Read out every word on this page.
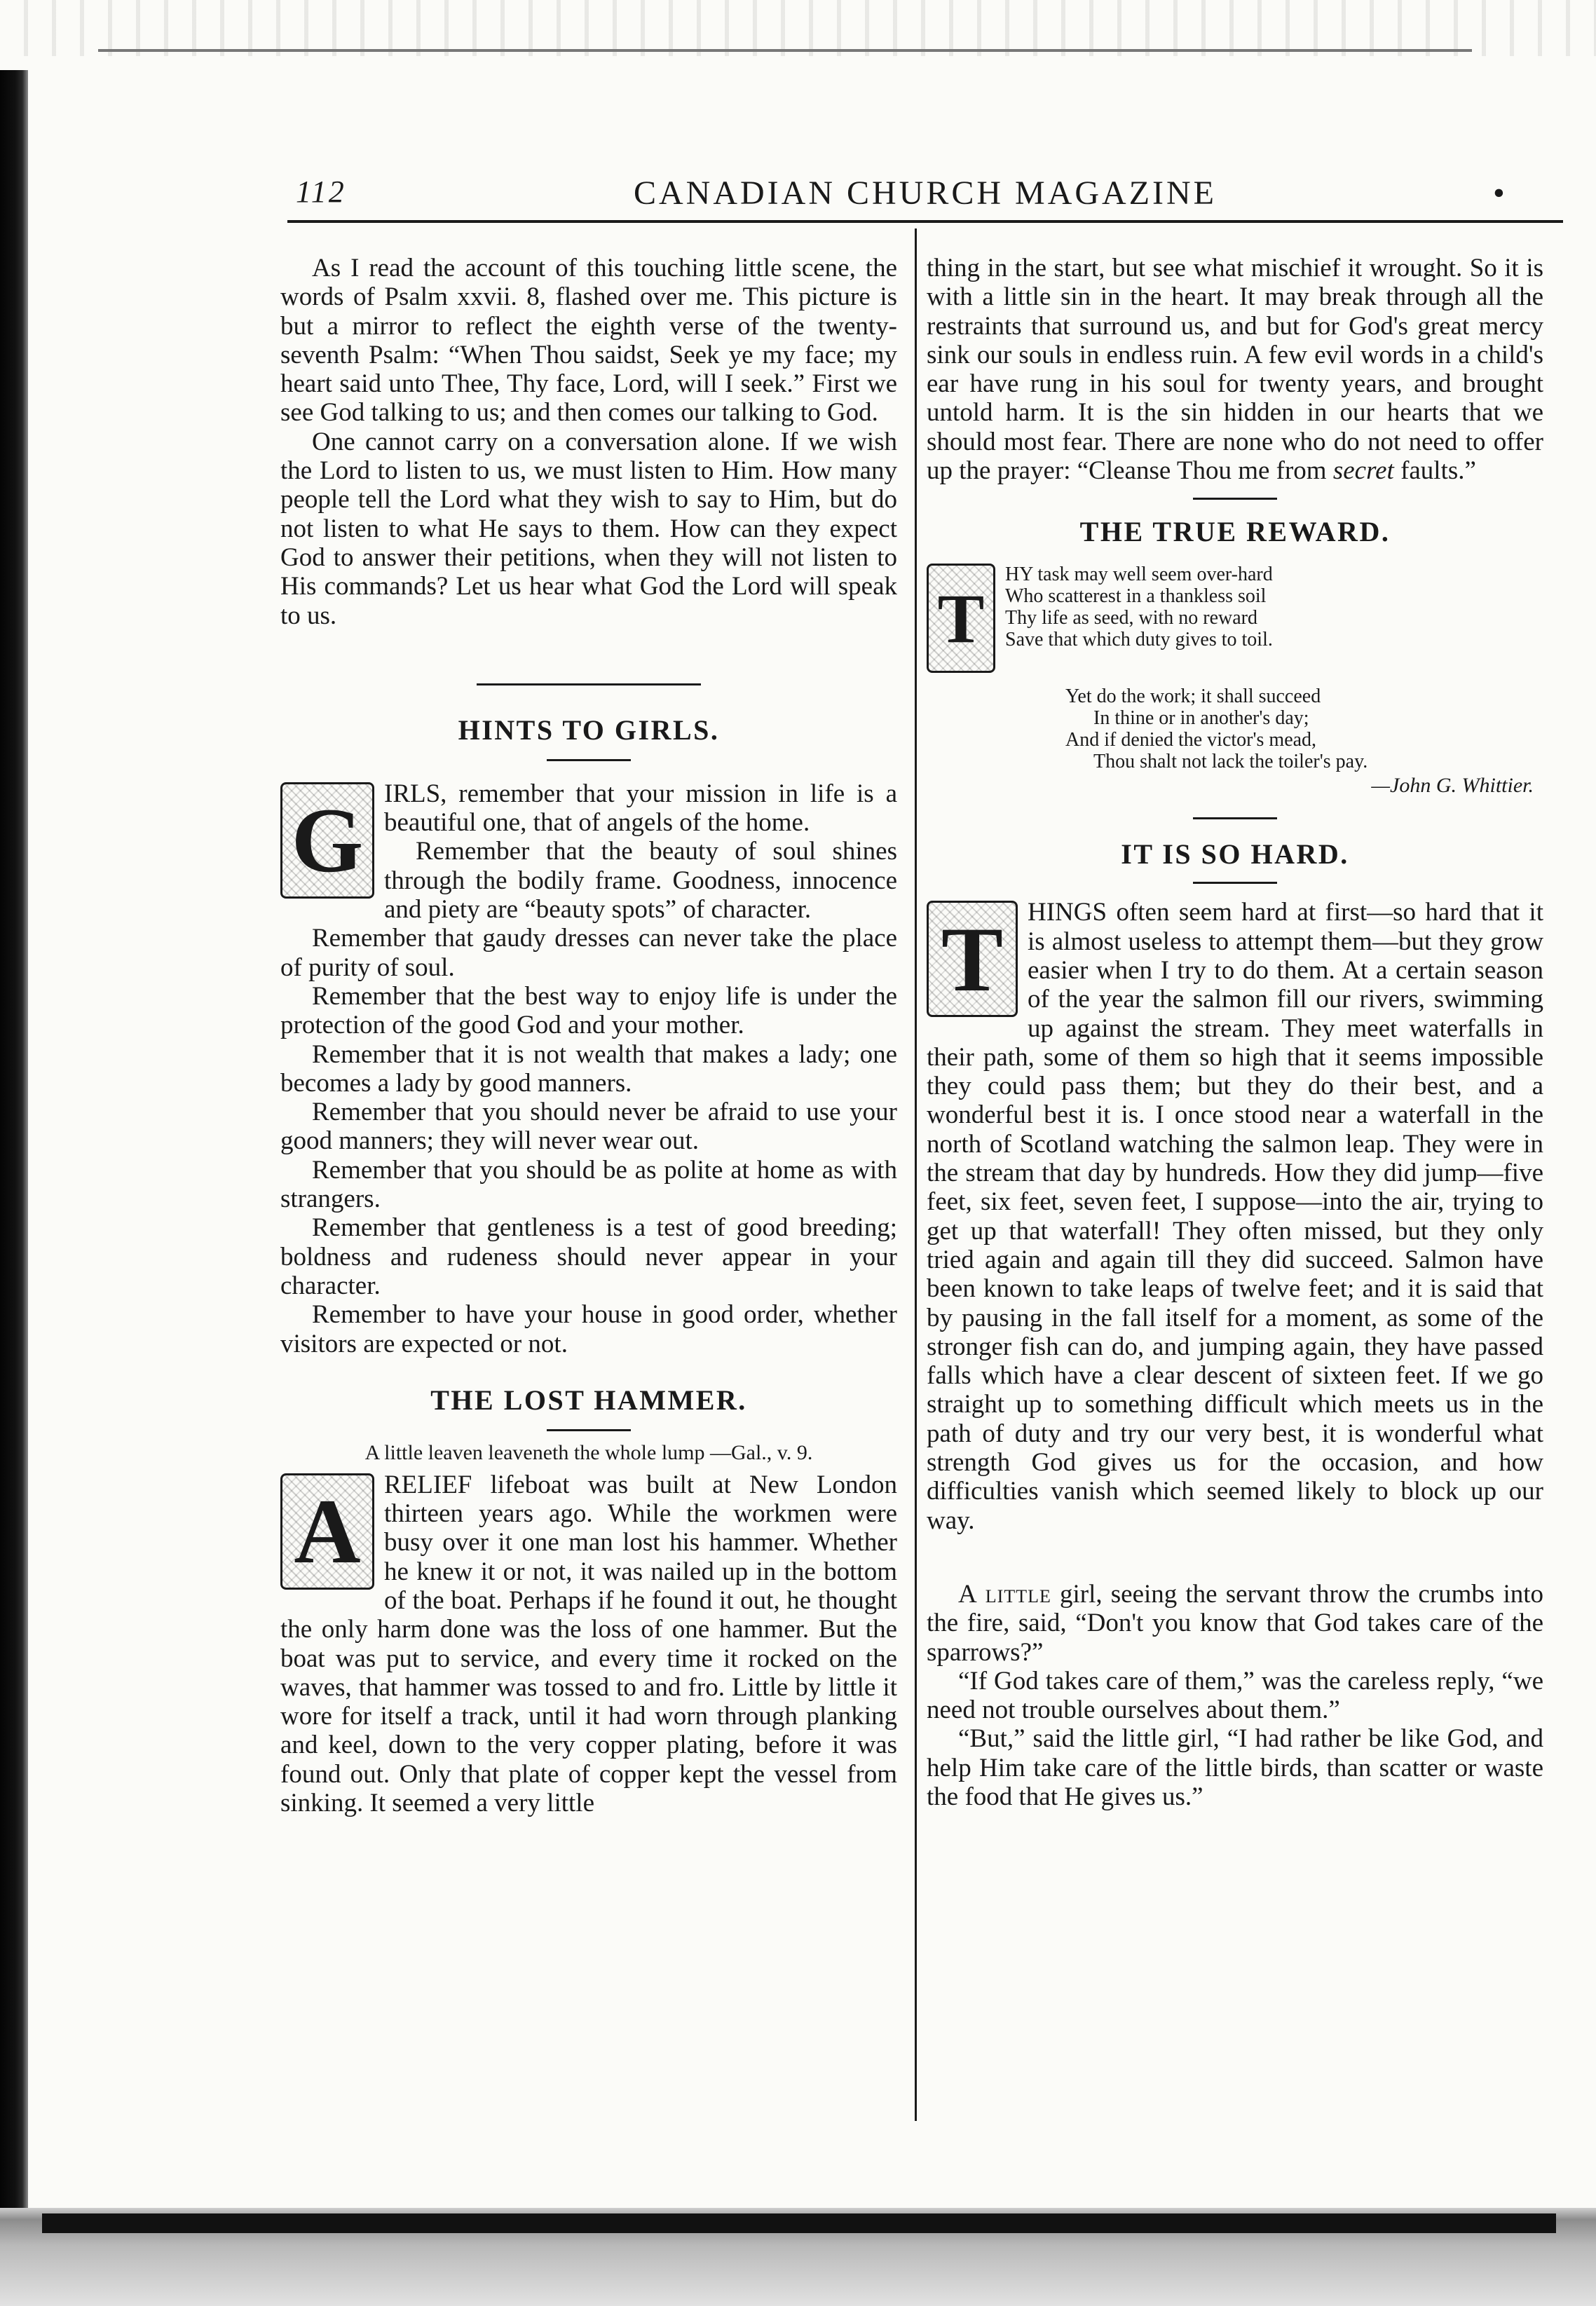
112	CANADIAN CHURCH MAGAZINE	•

As I read the account of this touching little scene, the words of Psalm xxvii. 8, flashed over me. This picture is but a mirror to reflect the eighth verse of the twenty-seventh Psalm: “When Thou saidst, Seek ye my face; my heart said unto Thee, Thy face, Lord, will I seek.” First we see God talking to us; and then comes our talking to God.

One cannot carry on a conversation alone. If we wish the Lord to listen to us, we must listen to Him. How many people tell the Lord what they wish to say to Him, but do not listen to what He says to them. How can they expect God to answer their petitions, when they will not listen to His commands? Let us hear what God the Lord will speak to us.

HINTS TO GIRLS.

G IRLS, remember that your mission in life is a beautiful one, that of angels of the home.

Remember that the beauty of soul shines through the bodily frame. Goodness, innocence and piety are “beauty spots” of character.

Remember that gaudy dresses can never take the place of purity of soul.

Remember that the best way to enjoy life is under the protection of the good God and your mother.

Remember that it is not wealth that makes a lady; one becomes a lady by good manners.

Remember that you should never be afraid to use your good manners; they will never wear out.

Remember that you should be as polite at home as with strangers.

Remember that gentleness is a test of good breeding; boldness and rudeness should never appear in your character.

Remember to have your house in good order, whether visitors are expected or not.

THE LOST HAMMER.

A little leaven leaveneth the whole lump —Gal., v. 9.

A RELIEF lifeboat was built at New London thirteen years ago. While the workmen were busy over it one man lost his hammer. Whether he knew it or not, it was nailed up in the bottom of the boat. Perhaps if he found it out, he thought the only harm done was the loss of one hammer. But the boat was put to service, and every time it rocked on the waves, that hammer was tossed to and fro. Little by little it wore for itself a track, until it had worn through planking and keel, down to the very copper plating, before it was found out. Only that plate of copper kept the vessel from sinking. It seemed a very little

thing in the start, but see what mischief it wrought. So it is with a little sin in the heart. It may break through all the restraints that surround us, and but for God's great mercy sink our souls in endless ruin. A few evil words in a child's ear have rung in his soul for twenty years, and brought untold harm. It is the sin hidden in our hearts that we should most fear. There are none who do not need to offer up the prayer: “Cleanse Thou me from secret faults.”

THE TRUE REWARD.
T

HY task may well seem over-hard

Who scatterest in a thankless soil

Thy life as seed, with no reward

Save that which duty gives to toil.

Yet do the work; it shall succeed

In thine or in another's day;

And if denied the victor's mead,

Thou shalt not lack the toiler's pay.

—John G. Whittier.

IT IS SO HARD.

T HINGS often seem hard at first—so hard that it is almost useless to attempt them—but they grow easier when I try to do them. At a certain season of the year the salmon fill our rivers, swimming up against the stream. They meet waterfalls in their path, some of them so high that it seems impossible they could pass them; but they do their best, and a wonderful best it is. I once stood near a waterfall in the north of Scotland watching the salmon leap. They were in the stream that day by hundreds. How they did jump—five feet, six feet, seven feet, I suppose—into the air, trying to get up that waterfall! They often missed, but they only tried again and again till they did succeed. Salmon have been known to take leaps of twelve feet; and it is said that by pausing in the fall itself for a moment, as some of the stronger fish can do, and jumping again, they have passed falls which have a clear descent of sixteen feet. If we go straight up to something difficult which meets us in the path of duty and try our very best, it is wonderful what strength God gives us for the occasion, and how difficulties vanish which seemed likely to block up our way.

A little girl, seeing the servant throw the crumbs into the fire, said, “Don't you know that God takes care of the sparrows?”

“If God takes care of them,” was the careless reply, “we need not trouble ourselves about them.”

“But,” said the little girl, “I had rather be like God, and help Him take care of the little birds, than scatter or waste the food that He gives us.”
